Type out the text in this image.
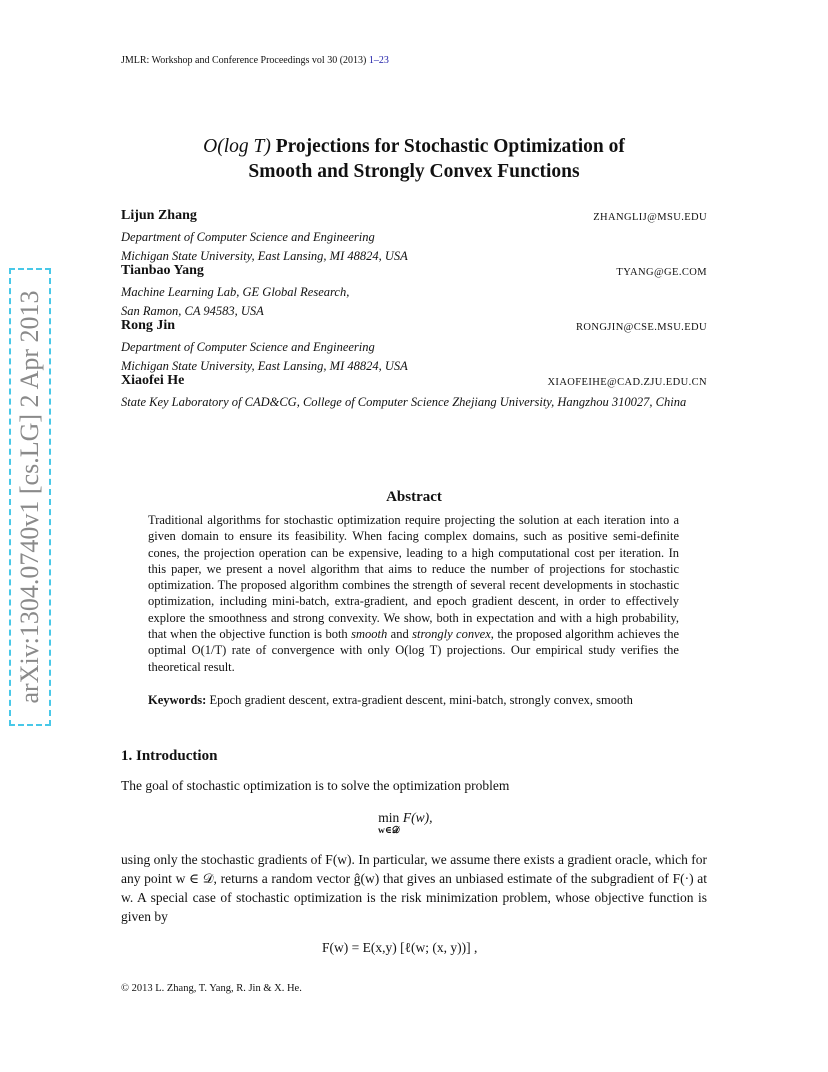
JMLR: Workshop and Conference Proceedings vol 30 (2013) 1–23
O(log T) Projections for Stochastic Optimization of
Smooth and Strongly Convex Functions
Lijun Zhang	ZHANGLIJ@MSU.EDU
Department of Computer Science and Engineering
Michigan State University, East Lansing, MI 48824, USA
Tianbao Yang	TYANG@GE.COM
Machine Learning Lab, GE Global Research,
San Ramon, CA 94583, USA
Rong Jin	RONGJIN@CSE.MSU.EDU
Department of Computer Science and Engineering
Michigan State University, East Lansing, MI 48824, USA
Xiaofei He	XIAOFEIHE@CAD.ZJU.EDU.CN
State Key Laboratory of CAD&CG, College of Computer Science Zhejiang University, Hangzhou 310027, China
Abstract
Traditional algorithms for stochastic optimization require projecting the solution at each iteration into a given domain to ensure its feasibility. When facing complex domains, such as positive semi-definite cones, the projection operation can be expensive, leading to a high computational cost per iteration. In this paper, we present a novel algorithm that aims to reduce the number of projections for stochastic optimization. The proposed algorithm combines the strength of several recent developments in stochastic optimization, including mini-batch, extra-gradient, and epoch gradient descent, in order to effectively explore the smoothness and strong convexity. We show, both in expectation and with a high probability, that when the objective function is both smooth and strongly convex, the proposed algorithm achieves the optimal O(1/T) rate of convergence with only O(log T) projections. Our empirical study verifies the theoretical result.
Keywords: Epoch gradient descent, extra-gradient descent, mini-batch, strongly convex, smooth
1. Introduction
The goal of stochastic optimization is to solve the optimization problem
min
w∈𝒟
F(w),
using only the stochastic gradients of F(w). In particular, we assume there exists a gradient oracle, which for any point w ∈ 𝒟, returns a random vector ĝ(w) that gives an unbiased estimate of the subgradient of F(·) at w. A special case of stochastic optimization is the risk minimization problem, whose objective function is given by
F(w) = E(x,y) [ℓ(w; (x, y))] ,
© 2013 L. Zhang, T. Yang, R. Jin & X. He.
arXiv:1304.0740v1 [cs.LG] 2 Apr 2013
